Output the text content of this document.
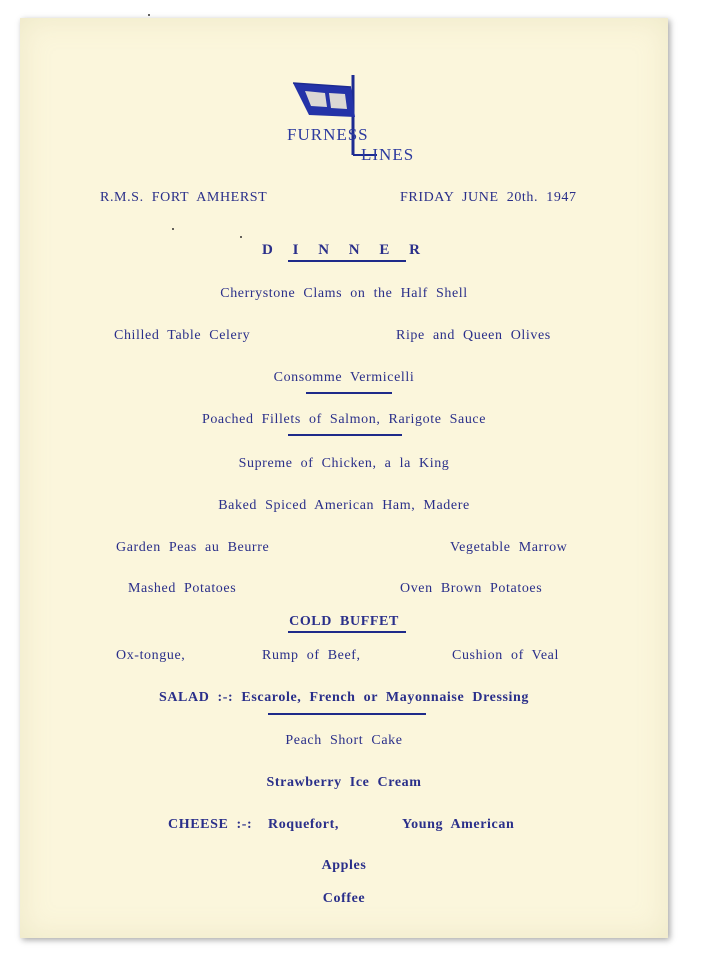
FURNESS
LINES
R.M.S. FORT AMHERST	FRIDAY JUNE 20th. 1947
D I N N E R
Cherrystone Clams on the Half Shell
Chilled Table Celery	Ripe and Queen Olives
Consomme Vermicelli
Poached Fillets of Salmon, Rarigote Sauce
Supreme of Chicken, a la King
Baked Spiced American Ham, Madere
Garden Peas au Beurre	Vegetable Marrow
Mashed Potatoes	Oven Brown Potatoes
COLD BUFFET
Ox-tongue,	Rump of Beef,	Cushion of Veal
SALAD :-: Escarole, French or Mayonnaise Dressing
Peach Short Cake
Strawberry Ice Cream
CHEESE :-: Roquefort,	Young American
Apples
Coffee
